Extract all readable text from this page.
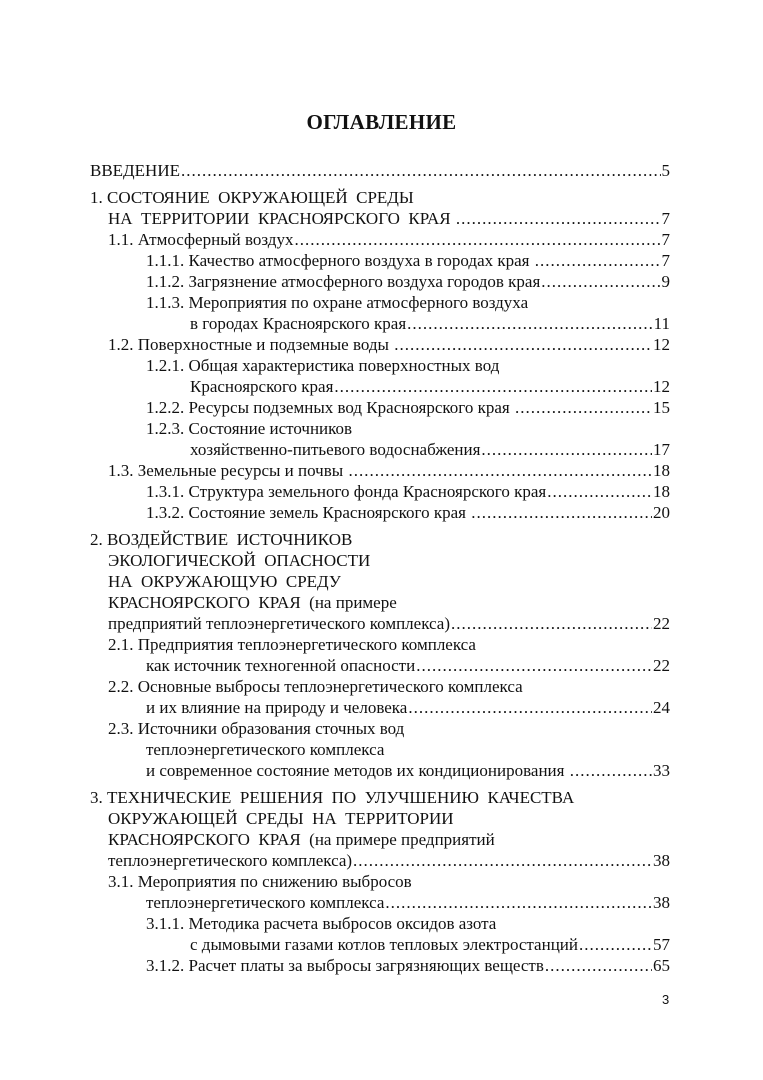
ОГЛАВЛЕНИЕ
ВВЕДЕНИЕ .....	5
1. СОСТОЯНИЕ  ОКРУЖАЮЩЕЙ  СРЕДЫ
НА  ТЕРРИТОРИИ  КРАСНОЯРСКОГО  КРАЯ .....	7
1.1. Атмосферный воздух .....	7
1.1.1. Качество атмосферного воздуха в городах края .....	7
1.1.2. Загрязнение атмосферного воздуха городов края .....	9
1.1.3. Мероприятия по охране атмосферного воздуха
в городах Красноярского края .....	11
1.2. Поверхностные и подземные воды .....	12
1.2.1. Общая характеристика поверхностных вод
Красноярского края .....	12
1.2.2. Ресурсы подземных вод Красноярского края .....	15
1.2.3. Состояние источников
хозяйственно-питьевого водоснабжения .....	17
1.3. Земельные ресурсы и почвы .....	18
1.3.1. Структура земельного фонда Красноярского края .....	18
1.3.2. Состояние земель Красноярского края .....	20
2. ВОЗДЕЙСТВИЕ  ИСТОЧНИКОВ
ЭКОЛОГИЧЕСКОЙ  ОПАСНОСТИ
НА  ОКРУЖАЮЩУЮ  СРЕДУ
КРАСНОЯРСКОГО  КРАЯ  (на примере
предприятий теплоэнергетического комплекса) .....	22
2.1. Предприятия теплоэнергетического комплекса
как источник техногенной опасности .....	22
2.2. Основные выбросы теплоэнергетического комплекса
и их влияние на природу и человека .....	24
2.3. Источники образования сточных вод
теплоэнергетического комплекса
и современное состояние методов их кондиционирования .....	33
3. ТЕХНИЧЕСКИЕ  РЕШЕНИЯ  ПО  УЛУЧШЕНИЮ  КАЧЕСТВА
ОКРУЖАЮЩЕЙ  СРЕДЫ  НА  ТЕРРИТОРИИ
КРАСНОЯРСКОГО  КРАЯ  (на примере предприятий
теплоэнергетического комплекса) .....	38
3.1. Мероприятия по снижению выбросов
теплоэнергетического комплекса .....	38
3.1.1. Методика расчета выбросов оксидов азота
с дымовыми газами котлов тепловых электростанций .....	57
3.1.2. Расчет платы за выбросы загрязняющих веществ .....	65
3
